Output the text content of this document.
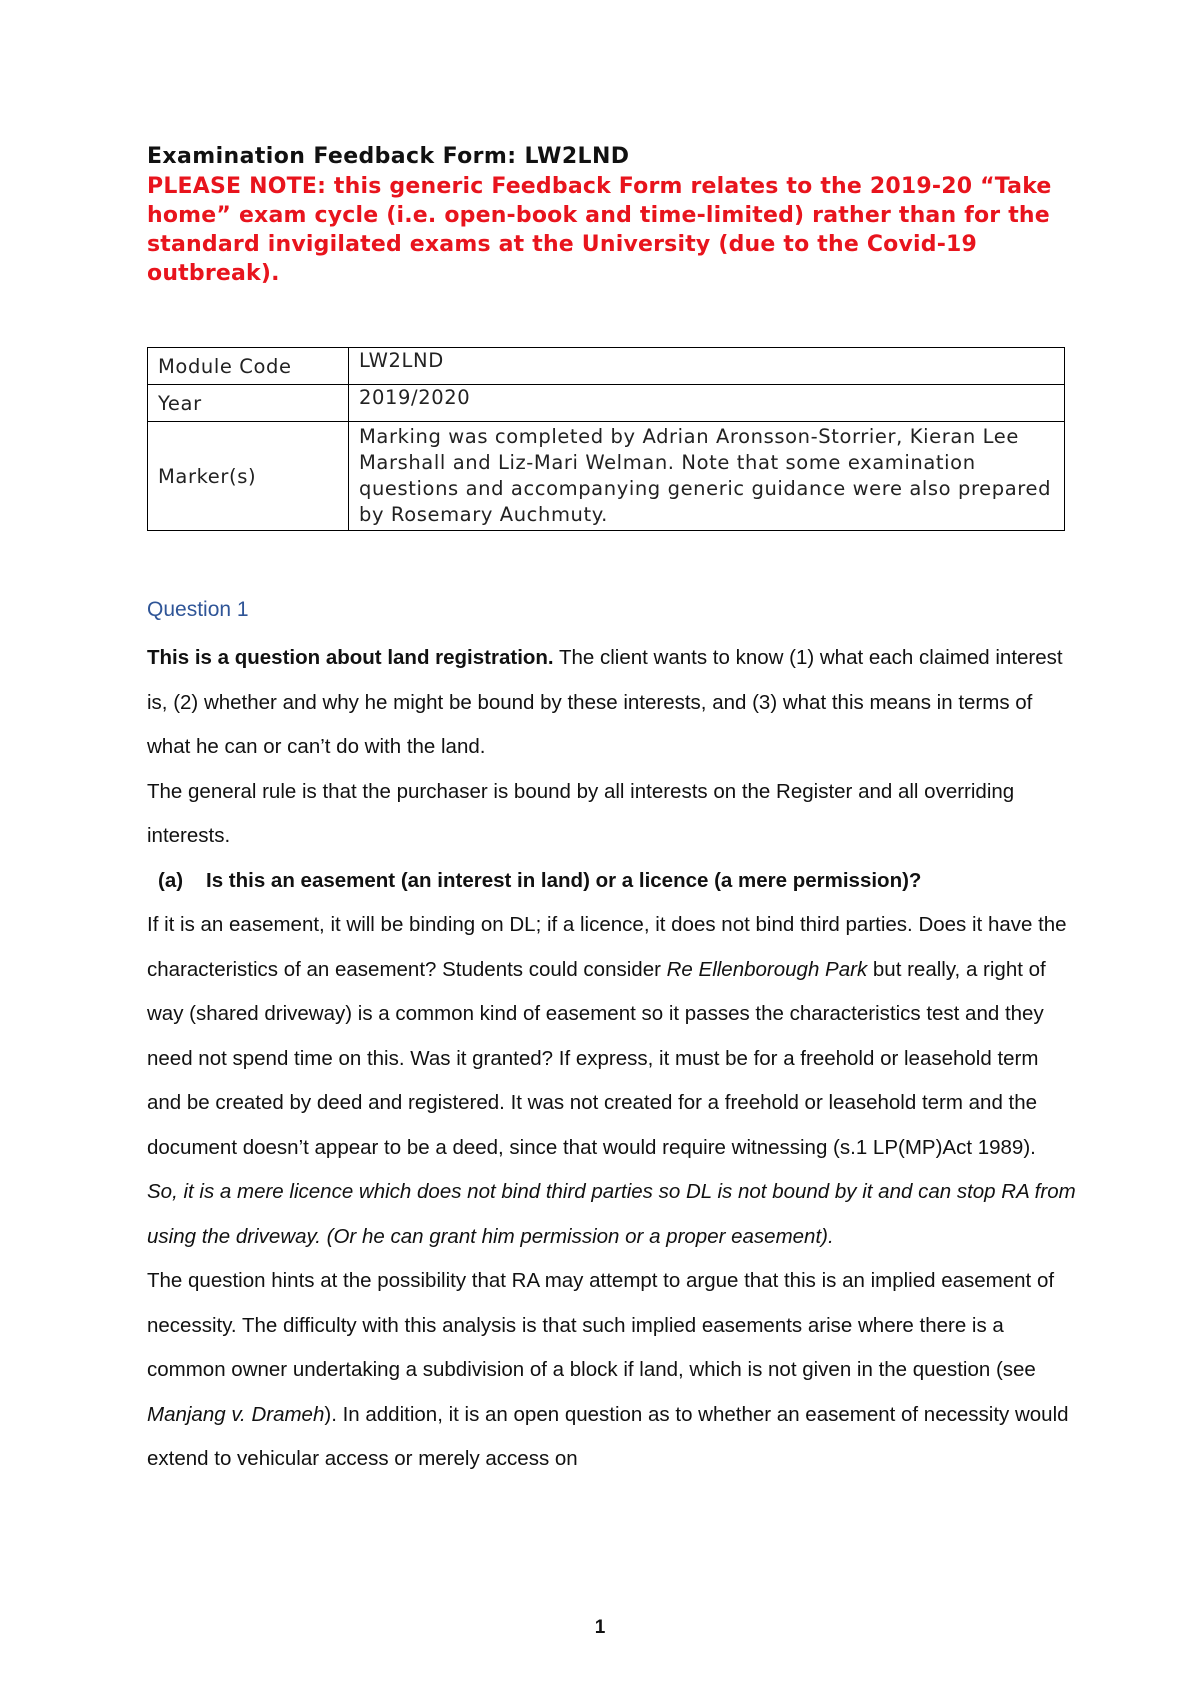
Examination Feedback Form: LW2LND
PLEASE NOTE: this generic Feedback Form relates to the 2019-20 “Take home” exam cycle (i.e. open-book and time-limited) rather than for the standard invigilated exams at the University (due to the Covid-19 outbreak).
Module Code	LW2LND
Year	2019/2020
Marker(s)	Marking was completed by Adrian Aronsson-Storrier, Kieran Lee Marshall and Liz-Mari Welman. Note that some examination questions and accompanying generic guidance were also prepared by Rosemary Auchmuty.
Question 1

This is a question about land registration. The client wants to know (1) what each claimed interest is, (2) whether and why he might be bound by these interests, and (3) what this means in terms of what he can or can’t do with the land.

The general rule is that the purchaser is bound by all interests on the Register and all overriding interests.

(a) Is this an easement (an interest in land) or a licence (a mere permission)?

If it is an easement, it will be binding on DL; if a licence, it does not bind third parties. Does it have the characteristics of an easement? Students could consider Re Ellenborough Park but really, a right of way (shared driveway) is a common kind of easement so it passes the characteristics test and they need not spend time on this. Was it granted? If express, it must be for a freehold or leasehold term and be created by deed and registered. It was not created for a freehold or leasehold term and the document doesn’t appear to be a deed, since that would require witnessing (s.1 LP(MP)Act 1989).

So, it is a mere licence which does not bind third parties so DL is not bound by it and can stop RA from using the driveway. (Or he can grant him permission or a proper easement).

The question hints at the possibility that RA may attempt to argue that this is an implied easement of necessity. The difficulty with this analysis is that such implied easements arise where there is a common owner undertaking a subdivision of a block if land, which is not given in the question (see Manjang v. Drameh). In addition, it is an open question as to whether an easement of necessity would extend to vehicular access or merely access on

1
